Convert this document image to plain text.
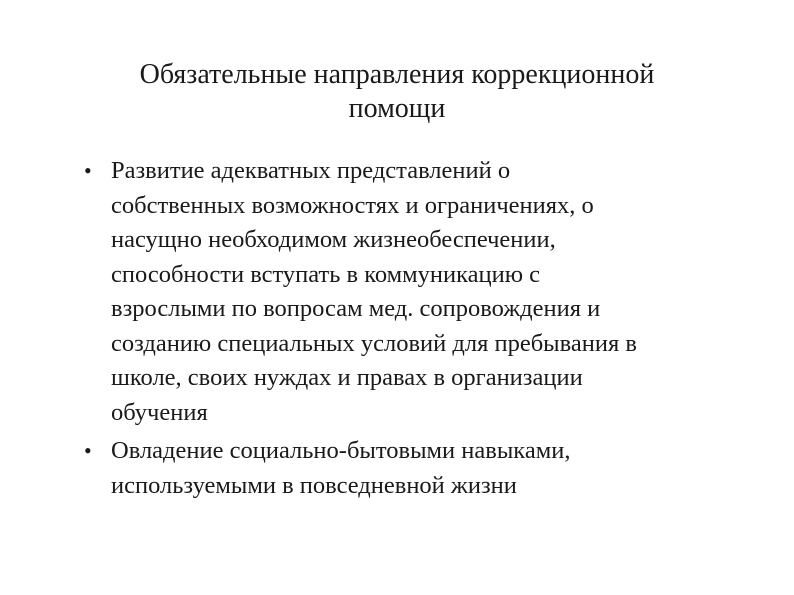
Обязательные направления коррекционной
помощи
• Развитие адекватных представлений о
собственных возможностях и ограничениях, о
насущно необходимом жизнеобеспечении,
способности вступать в коммуникацию с
взрослыми по вопросам мед. сопровождения и
созданию специальных условий для пребывания в
школе, своих нуждах и правах в организации
обучения
• Овладение социально-бытовыми навыками,
используемыми в повседневной жизни
